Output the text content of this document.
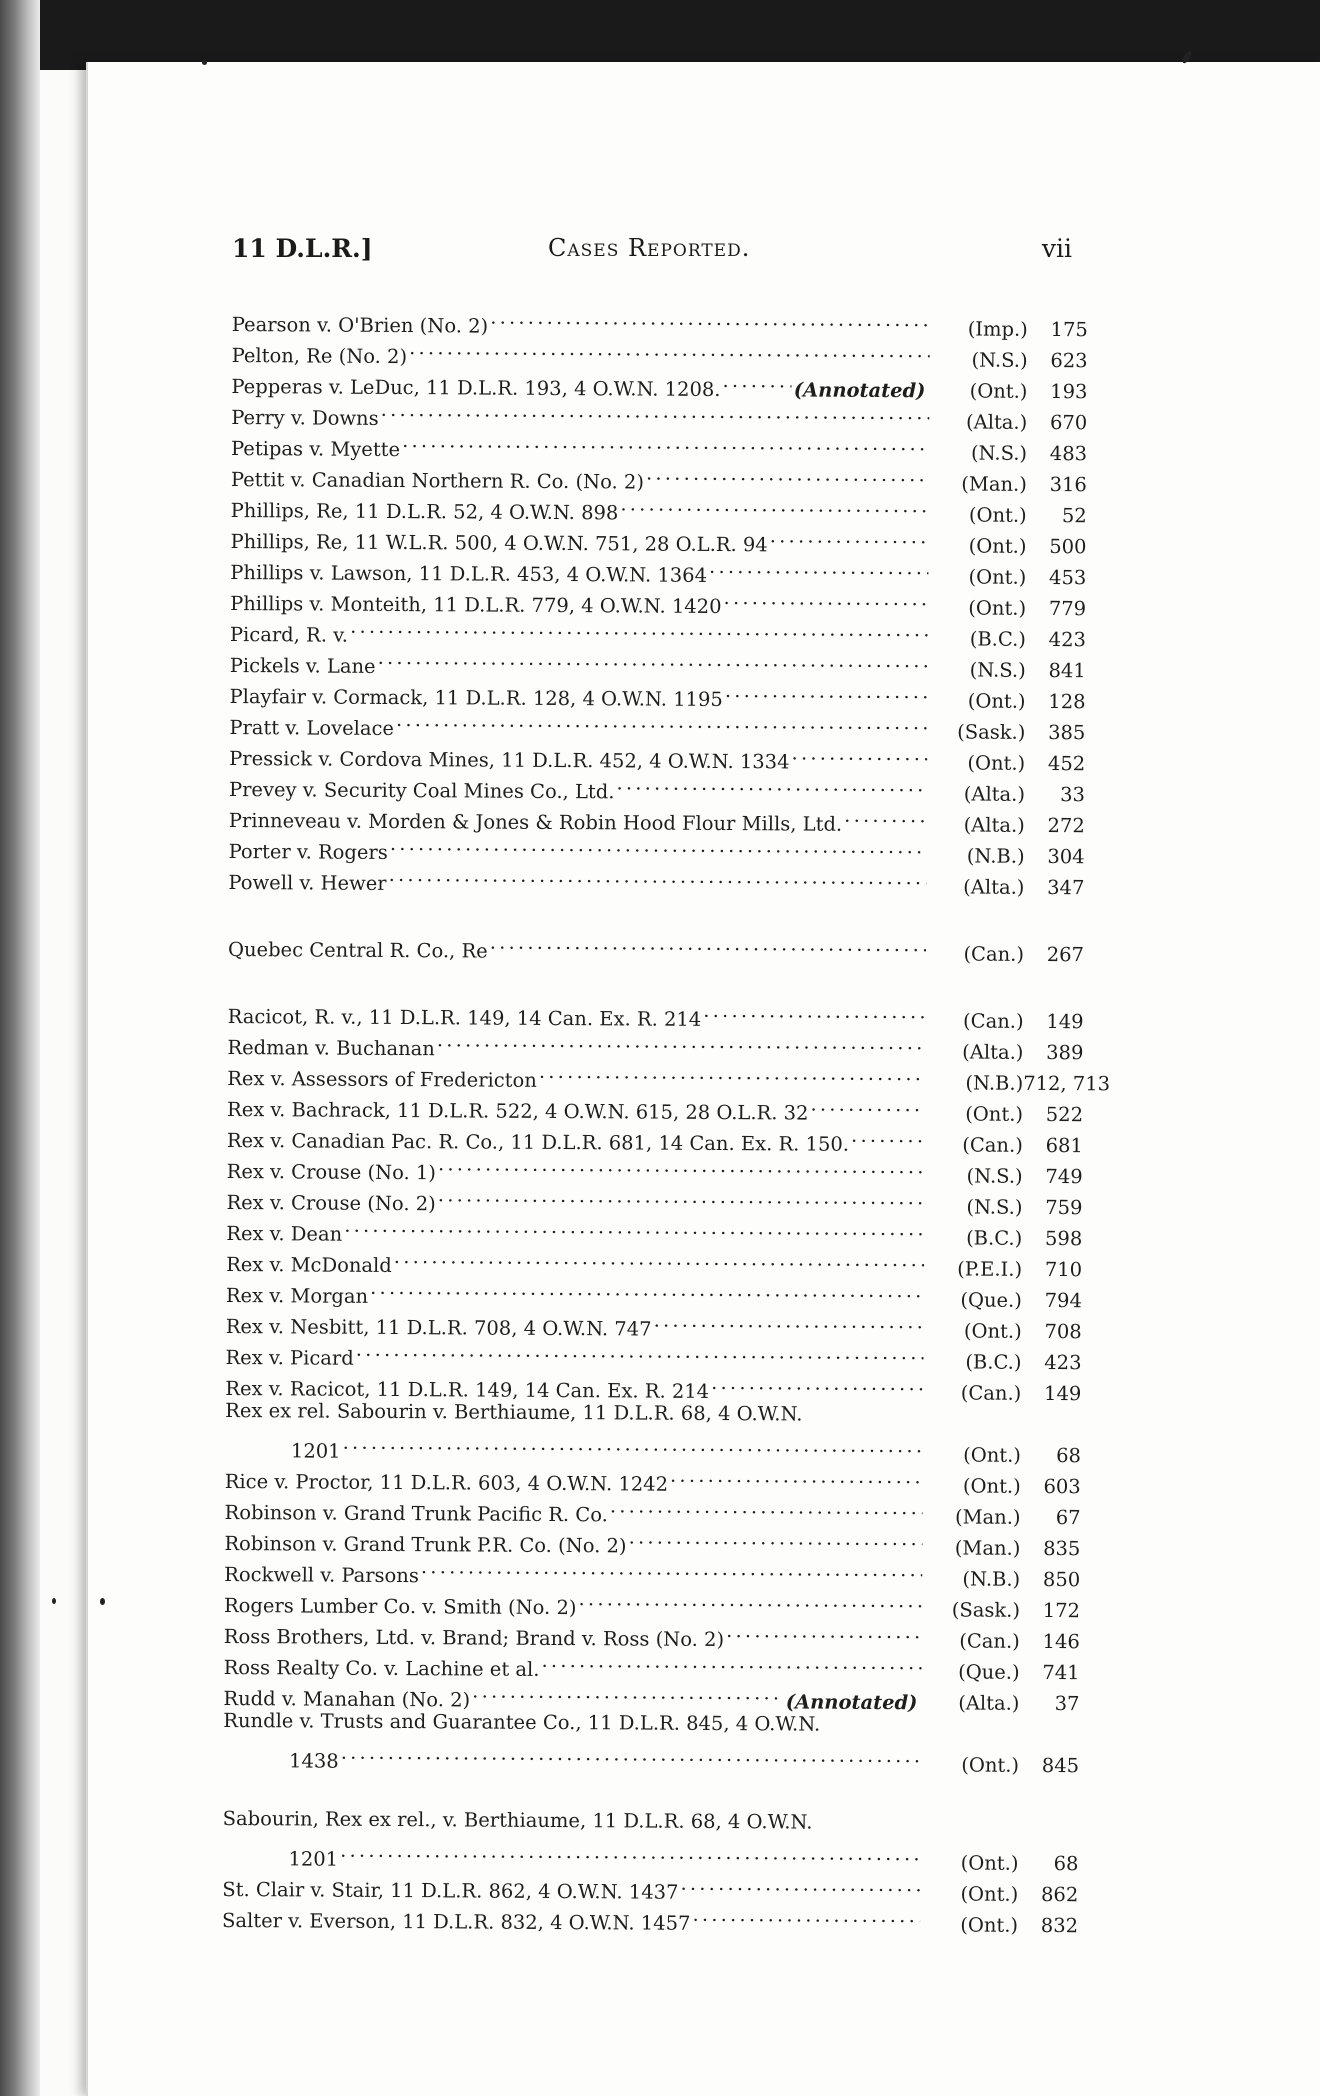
11 D.L.R.]	Cases Reported.	vii
Pearson v. O'Brien (No. 2) . . .	(Imp.)	175
Pelton, Re (No. 2) . . .	(N.S.)	623
Pepperas v. LeDuc, 11 D.L.R. 193, 4 O.W.N. 1208. . . .	(Annotated)	(Ont.)	193
Perry v. Downs . . .	(Alta.)	670
Petipas v. Myette . . .	(N.S.)	483
Pettit v. Canadian Northern R. Co. (No. 2) . . .	(Man.)	316
Phillips, Re, 11 D.L.R. 52, 4 O.W.N. 898 . . .	(Ont.)	52
Phillips, Re, 11 W.L.R. 500, 4 O.W.N. 751, 28 O.L.R. 94 . . .	(Ont.)	500
Phillips v. Lawson, 11 D.L.R. 453, 4 O.W.N. 1364 . . .	(Ont.)	453
Phillips v. Monteith, 11 D.L.R. 779, 4 O.W.N. 1420 . . .	(Ont.)	779
Picard, R. v. . . .	(B.C.)	423
Pickels v. Lane . . .	(N.S.)	841
Playfair v. Cormack, 11 D.L.R. 128, 4 O.W.N. 1195 . . .	(Ont.)	128
Pratt v. Lovelace . . .	(Sask.)	385
Pressick v. Cordova Mines, 11 D.L.R. 452, 4 O.W.N. 1334 . . .	(Ont.)	452
Prevey v. Security Coal Mines Co., Ltd. . . .	(Alta.)	33
Prinneveau v. Morden & Jones & Robin Hood Flour Mills, Ltd. . . .	(Alta.)	272
Porter v. Rogers . . .	(N.B.)	304
Powell v. Hewer . . .	(Alta.)	347
Quebec Central R. Co., Re . . .	(Can.)	267
Racicot, R. v., 11 D.L.R. 149, 14 Can. Ex. R. 214 . . .	(Can.)	149
Redman v. Buchanan . . .	(Alta.)	389
Rex v. Assessors of Fredericton . . .	(N.B.) 712, 713
Rex v. Bachrack, 11 D.L.R. 522, 4 O.W.N. 615, 28 O.L.R. 32 . . .	(Ont.)	522
Rex v. Canadian Pac. R. Co., 11 D.L.R. 681, 14 Can. Ex. R. 150. . . .	(Can.)	681
Rex v. Crouse (No. 1) . . .	(N.S.)	749
Rex v. Crouse (No. 2) . . .	(N.S.)	759
Rex v. Dean . . .	(B.C.)	598
Rex v. McDonald . . .	(P.E.I.)	710
Rex v. Morgan . . .	(Que.)	794
Rex v. Nesbitt, 11 D.L.R. 708, 4 O.W.N. 747 . . .	(Ont.)	708
Rex v. Picard . . .	(B.C.)	423
Rex v. Racicot, 11 D.L.R. 149, 14 Can. Ex. R. 214 . . .	(Can.)	149
Rex ex rel. Sabourin v. Berthiaume, 11 D.L.R. 68, 4 O.W.N.
1201 . . .	(Ont.)	68
Rice v. Proctor, 11 D.L.R. 603, 4 O.W.N. 1242 . . .	(Ont.)	603
Robinson v. Grand Trunk Pacific R. Co. . . .	(Man.)	67
Robinson v. Grand Trunk P.R. Co. (No. 2) . . .	(Man.)	835
Rockwell v. Parsons . . .	(N.B.)	850
Rogers Lumber Co. v. Smith (No. 2) . . .	(Sask.)	172
Ross Brothers, Ltd. v. Brand; Brand v. Ross (No. 2) . . .	(Can.)	146
Ross Realty Co. v. Lachine et al. . . .	(Que.)	741
Rudd v. Manahan (No. 2) . . .	(Annotated)	(Alta.)	37
Rundle v. Trusts and Guarantee Co., 11 D.L.R. 845, 4 O.W.N.
1438 . . .	(Ont.)	845
Sabourin, Rex ex rel., v. Berthiaume, 11 D.L.R. 68, 4 O.W.N.
1201 . . .	(Ont.)	68
St. Clair v. Stair, 11 D.L.R. 862, 4 O.W.N. 1437 . . .	(Ont.)	862
Salter v. Everson, 11 D.L.R. 832, 4 O.W.N. 1457 . . .	(Ont.)	832
